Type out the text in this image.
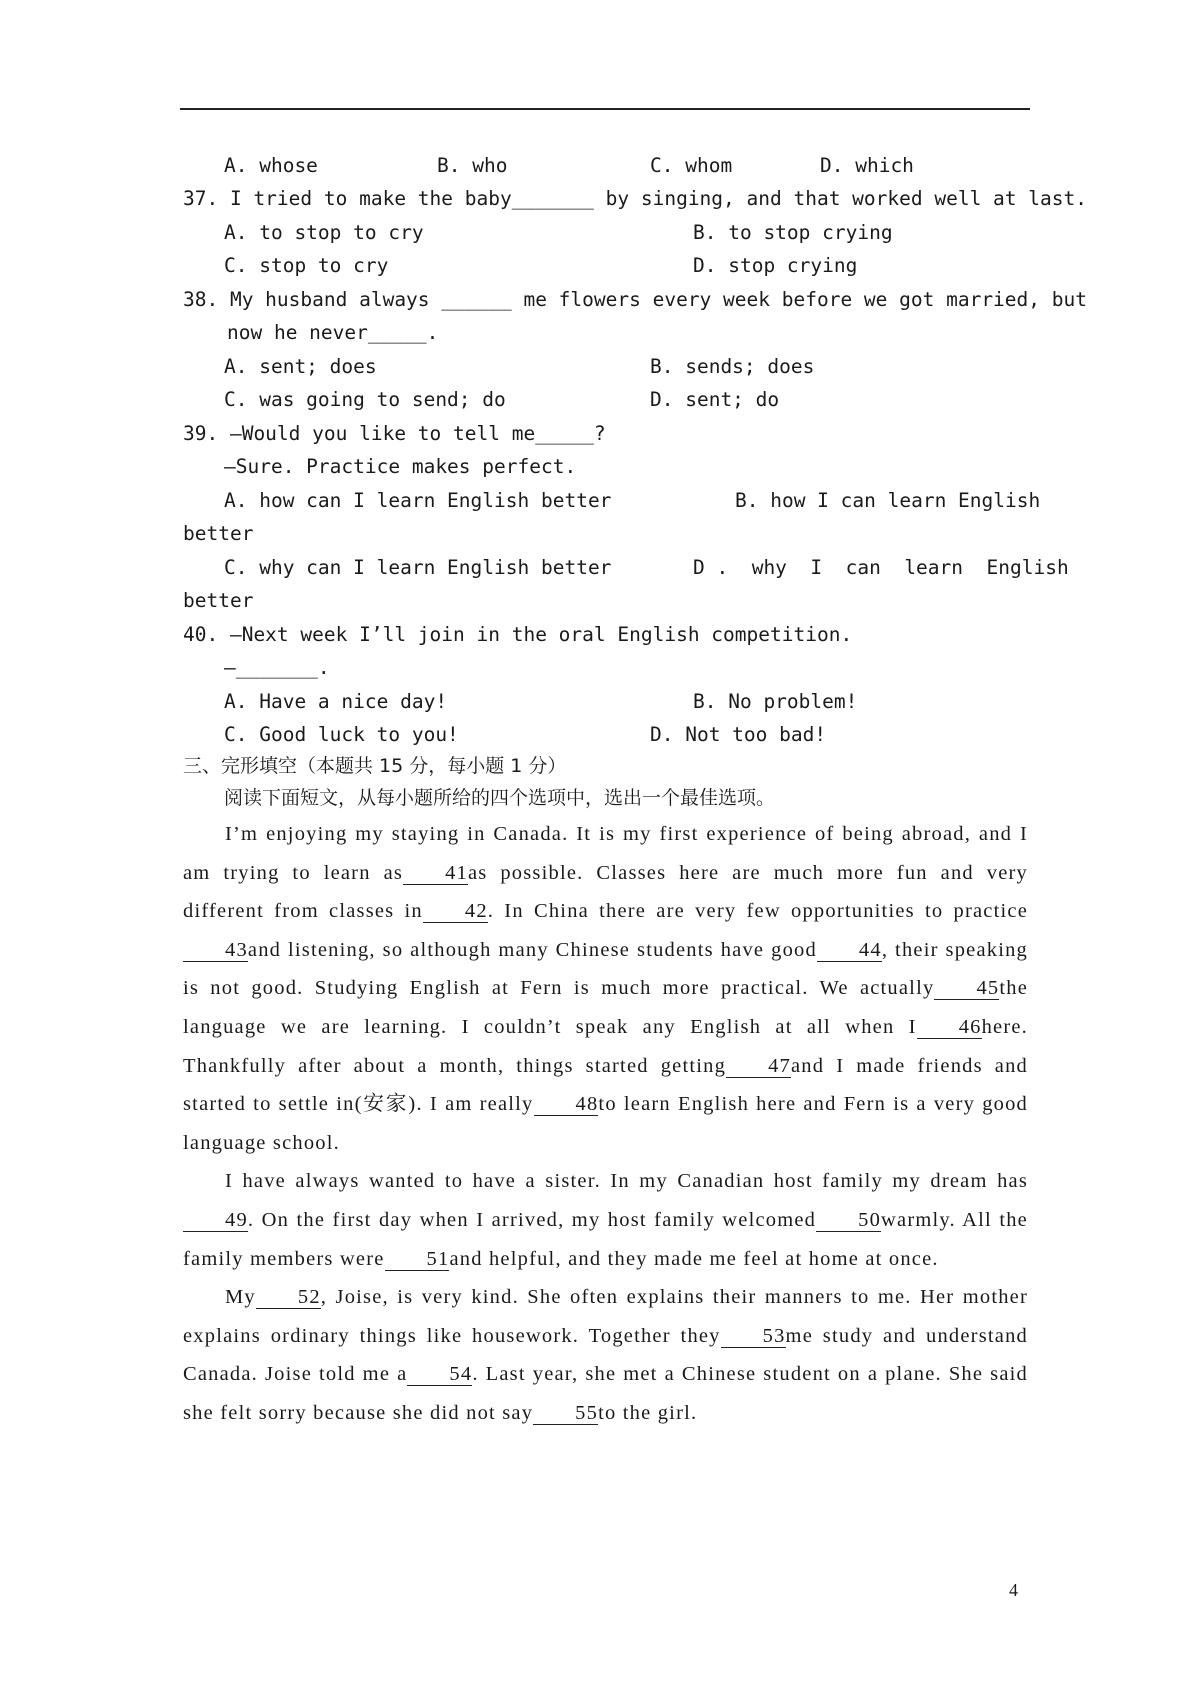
A. whose	B. who	C. whom	D. which
37. I tried to make the baby_______ by singing, and that worked well at last.
A. to stop to cry	B. to stop crying
C. stop to cry	D. stop crying
38. My husband always ______ me flowers every week before we got married, but
now he never_____.
A. sent; does	B. sends; does
C. was going to send; do	D. sent; do
39. —Would you like to tell me_____?
—Sure. Practice makes perfect.
A. how can I learn English better	B. how I can learn English
better
C. why can I learn English better	D .  why  I  can  learn  English
better
40. —Next week I’ll join in the oral English competition.
—_______.
A. Have a nice day!	B. No problem!
C. Good luck to you!	D. Not too bad!
三、完形填空（本题共 15 分，每小题 1 分）
阅读下面短文，从每小题所给的四个选项中，选出一个最佳选项。

I’m enjoying my staying in Canada. It is my first experience of being abroad, and I am trying to learn as 41as possible. Classes here are much more fun and very different from classes in 42. In China there are very few opportunities to practice43and listening, so although many Chinese students have good 44, their speaking is not good. Studying English at Fern is much more practical. We actually 45the language we are learning. I couldn’t speak any English at all when I 46here. Thankfully after about a month, things started getting 47and I made friends and started to settle in(安家). I am really 48to learn English here and Fern is a very good language school.

I have always wanted to have a sister. In my Canadian host family my dream has49. On the first day when I arrived, my host family welcomed 50warmly. All the family members were 51and helpful, and they made me feel at home at once.

My 52, Joise, is very kind. She often explains their manners to me. Her mother explains ordinary things like housework. Together they 53me study and understand Canada. Joise told me a 54. Last year, she met a Chinese student on a plane. She said she felt sorry because she did not say 55to the girl.

4
